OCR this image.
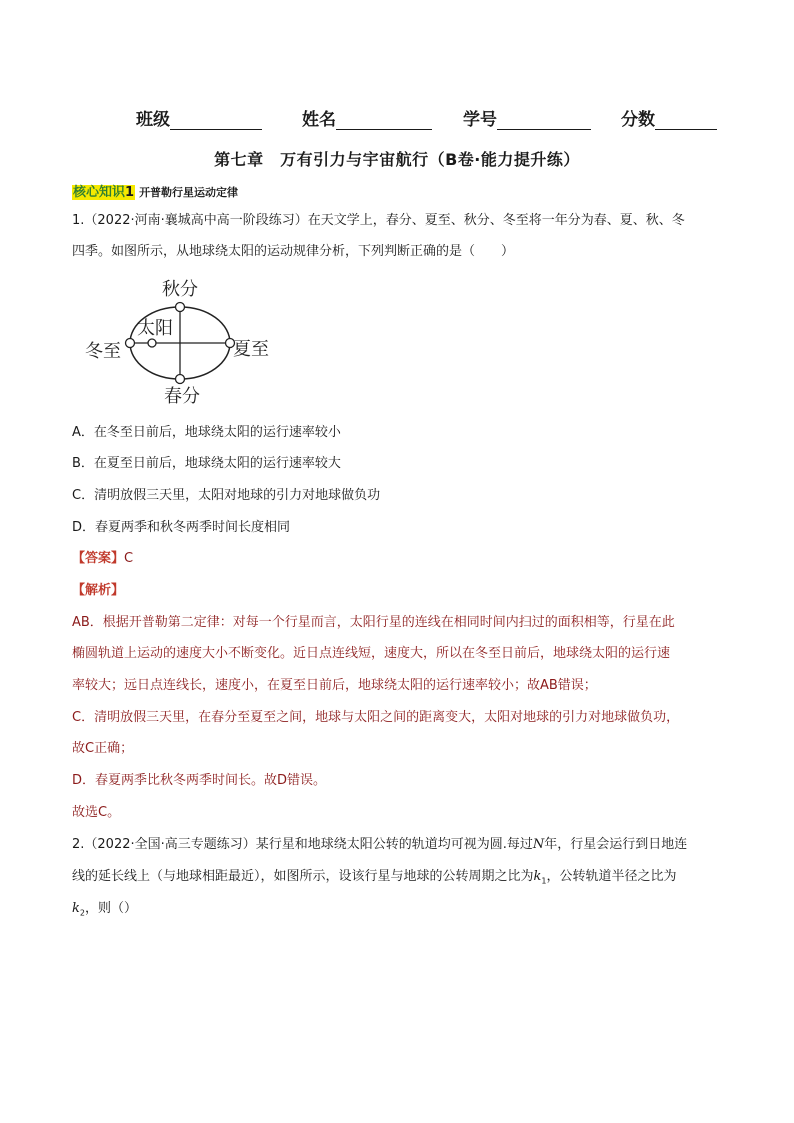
班级	姓名	学号	分数
第七章　万有引力与宇宙航行（B卷·能力提升练）
核心知识1 开普勒行星运动定律
1.（2022·河南·襄城高中高一阶段练习）在天文学上，春分、夏至、秋分、冬至将一年分为春、夏、秋、冬
四季。如图所示，从地球绕太阳的运动规律分析，下列判断正确的是（　　）
秋分
太阳
冬至	夏至
春分
A．在冬至日前后，地球绕太阳的运行速率较小
B．在夏至日前后，地球绕太阳的运行速率较大
C．清明放假三天里，太阳对地球的引力对地球做负功
D．春夏两季和秋冬两季时间长度相同
【答案】C
【解析】
AB．根据开普勒第二定律：对每一个行星而言，太阳行星的连线在相同时间内扫过的面积相等，行星在此
椭圆轨道上运动的速度大小不断变化。近日点连线短，速度大，所以在冬至日前后，地球绕太阳的运行速
率较大；远日点连线长，速度小，在夏至日前后，地球绕太阳的运行速率较小；故AB错误；
C．清明放假三天里，在春分至夏至之间，地球与太阳之间的距离变大，太阳对地球的引力对地球做负功，
故C正确；
D．春夏两季比秋冬两季时间长。故D错误。
故选C。
2.（2022·全国·高三专题练习）某行星和地球绕太阳公转的轨道均可视为圆.每过N年，行星会运行到日地连
线的延长线上（与地球相距最近），如图所示，设该行星与地球的公转周期之比为$k_1$，公转轨道半径之比为
$k_2$，则（）
